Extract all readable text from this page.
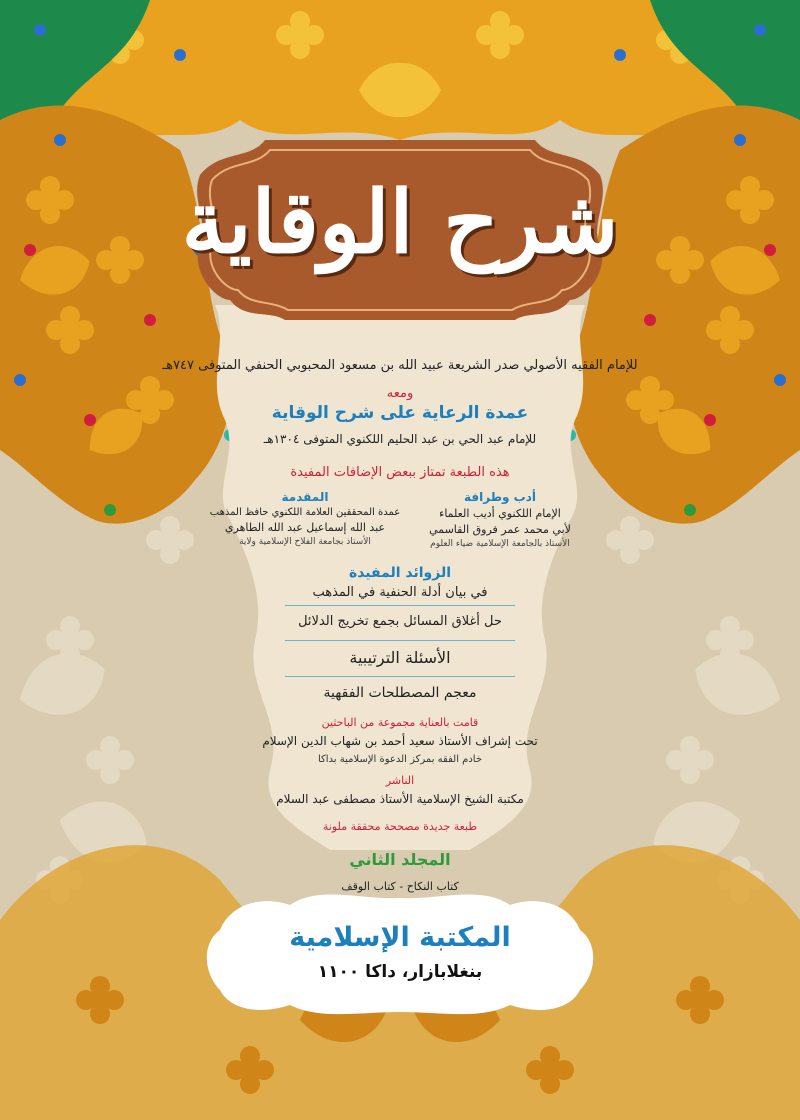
شرح الوقاية
للإمام الفقيه الأصولي صدر الشريعة عبيد الله بن مسعود المحبوبي الحنفي المتوفى ٧٤٧هـ
ومعه
عمدة الرعاية على شرح الوقاية
للإمام عبد الحي بن عبد الحليم اللكنوي المتوفى ١٣٠٤هـ
هذه الطبعة تمتاز ببعض الإضافات المفيدة
أدب وطرافة
الإمام اللكنوي أديب العلماء
لأبي محمد عمر فروق القاسمي
الأستاذ بالجامعة الإسلامية ضياء العلوم
المقدمة
عمدة المحققين العلامة اللكنوي حافظ المذهب
عبد الله إسماعيل عبد الله الطاهري
الأستاذ بجامعة الفلاح الإسلامية ولاية
الزوائد المفيدة
في بيان أدلة الحنفية في المذهب
حل أغلاق المسائل بجمع تخريج الدلائل
الأسئلة الترتيبية
معجم المصطلحات الفقهية
قامت بالعناية مجموعة من الباحثين
تحت إشراف الأستاذ سعيد أحمد بن شهاب الدين الإسلام
خادم الفقه بمركز الدعوة الإسلامية بداكا
الناشر
مكتبة الشيخ الإسلامية الأستاذ مصطفى عبد السلام
طبعة جديدة مصححة محققة ملونة
المجلد الثاني
كتاب النكاح - كتاب الوقف
المكتبة الإسلامية
بنغلابازار، داكا ١١٠٠
